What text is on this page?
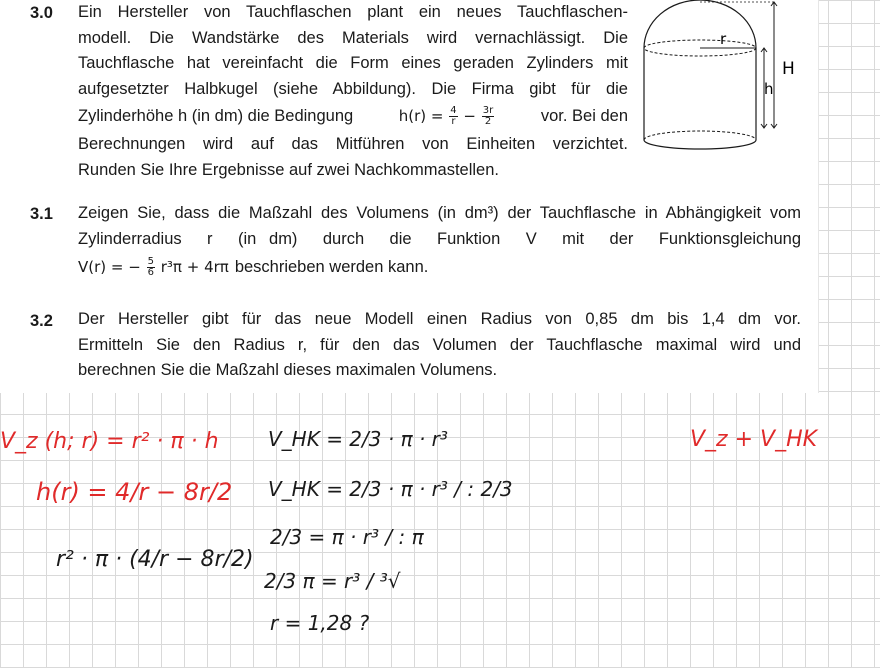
3.0 Ein Hersteller von Tauchflaschen plant ein neues Tauchflaschen-
modell. Die Wandstärke des Materials wird vernachlässigt. Die
Tauchflasche hat vereinfacht die Form eines geraden Zylinders mit
aufgesetzter Halbkugel (siehe Abbildung). Die Firma gibt für die
Zylinderhöhe h (in dm) die Bedingung	$h(r) = \frac{4}{r} - \frac{3r}{2}$	vor. Bei den
Berechnungen wird auf das Mitführen von Einheiten verzichtet.
Runden Sie Ihre Ergebnisse auf zwei Nachkommastellen.
r
h
H
3.1 Zeigen Sie, dass die Maßzahl des Volumens (in dm³) der Tauchflasche in Abhängigkeit vom
Zylinderradius  r  (in dm)  durch  die  Funktion  V  mit  der  Funktionsgleichung
V(r) = − $\frac{5}{6} r^3\pi + 4r\pi$ beschrieben werden kann.
3.2 Der Hersteller gibt für das neue Modell einen Radius von 0,85 dm bis 1,4 dm vor.
Ermitteln Sie den Radius r, für den das Volumen der Tauchflasche maximal wird und
berechnen Sie die Maßzahl dieses maximalen Volumens.
V_z (h; r) = r² · π · h
h(r) = 4/r − 8r/2
V_z + V_HK
r² · π · (4/r − 8r/2)
V_HK = 2/3 · π · r³
V_HK = 2/3 · π · r³ / : 2/3
2/3 = π · r³ / : π
2/3 π = r³ / ³√
r = 1,28 ?
